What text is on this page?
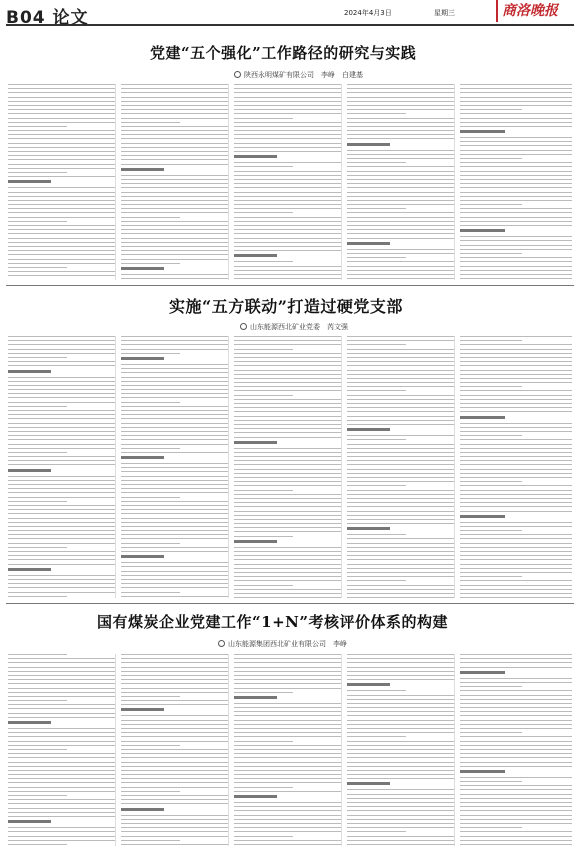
B04 论文	2024年4月3日	星期三	商洛晚报
党建“五个强化”工作路径的研究与实践
陕西永明煤矿有限公司　李峥　白建基
实施“五方联动”打造过硬党支部
山东能源西北矿业党委　芮文强
国有煤炭企业党建工作“1+N”考核评价体系的构建
山东能源集团西北矿业有限公司　李峥
